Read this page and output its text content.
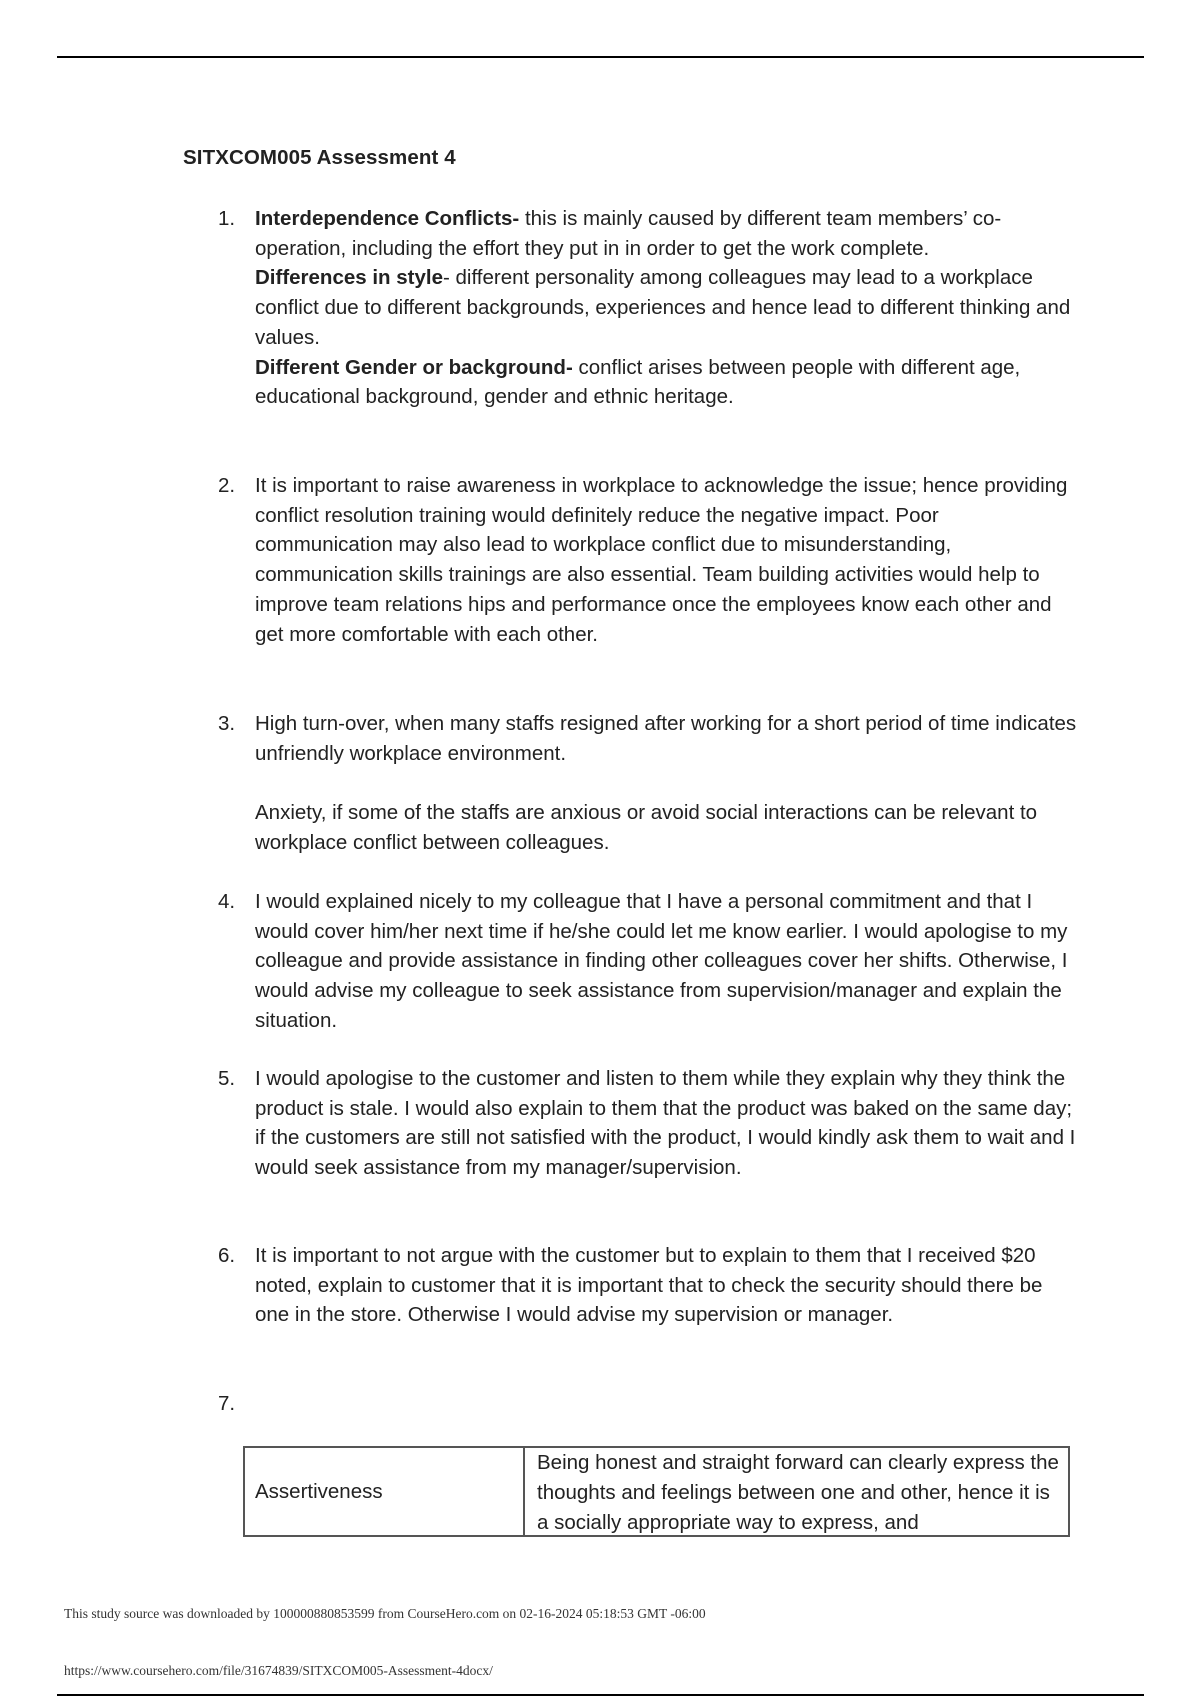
SITXCOM005 Assessment 4
1. Interdependence Conflicts- this is mainly caused by different team members’ co-operation, including the effort they put in in order to get the work complete.
Differences in style- different personality among colleagues may lead to a workplace conflict due to different backgrounds, experiences and hence lead to different thinking and values.
Different Gender or background- conflict arises between people with different age, educational background, gender and ethnic heritage.
2. It is important to raise awareness in workplace to acknowledge the issue; hence providing conflict resolution training would definitely reduce the negative impact. Poor communication may also lead to workplace conflict due to misunderstanding, communication skills trainings are also essential. Team building activities would help to improve team relations hips and performance once the employees know each other and get more comfortable with each other.
3. High turn-over, when many staffs resigned after working for a short period of time indicates unfriendly workplace environment.
Anxiety, if some of the staffs are anxious or avoid social interactions can be relevant to workplace conflict between colleagues.
4. I would explained nicely to my colleague that I have a personal commitment and that I would cover him/her next time if he/she could let me know earlier. I would apologise to my colleague and provide assistance in finding other colleagues cover her shifts. Otherwise, I would advise my colleague to seek assistance from supervision/manager and explain the situation.
5. I would apologise to the customer and listen to them while they explain why they think the product is stale. I would also explain to them that the product was baked on the same day; if the customers are still not satisfied with the product, I would kindly ask them to wait and I would seek assistance from my manager/supervision.
6. It is important to not argue with the customer but to explain to them that I received $20 noted, explain to customer that it is important that to check the security should there be one in the store. Otherwise I would advise my supervision or manager.
7.
Assertiveness
Being honest and straight forward can clearly express the thoughts and feelings between one and other, hence it is a socially appropriate way to express, and
This study source was downloaded by 100000880853599 from CourseHero.com on 02-16-2024 05:18:53 GMT -06:00
https://www.coursehero.com/file/31674839/SITXCOM005-Assessment-4docx/
